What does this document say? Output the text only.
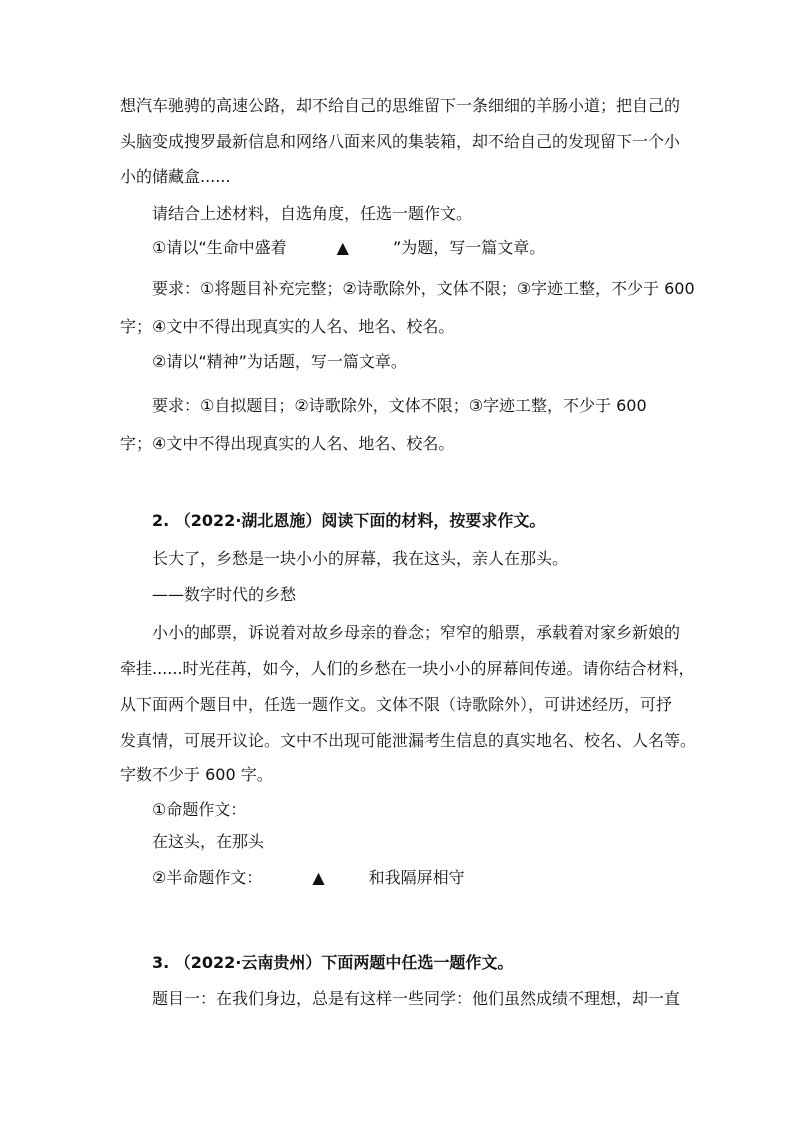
想汽车驰骋的高速公路，却不给自己的思维留下一条细细的羊肠小道；把自己的
头脑变成搜罗最新信息和网络八面来风的集装箱，却不给自己的发现留下一个小
小的储藏盒......
请结合上述材料，自选角度，任选一题作文。
①请以“生命中盛着	▲	”为题，写一篇文章。
要求：①将题目补充完整；②诗歌除外，文体不限；③字迹工整，不少于 600
字；④文中不得出现真实的人名、地名、校名。
②请以“精神”为话题，写一篇文章。
要求：①自拟题目；②诗歌除外，文体不限；③字迹工整，不少于 600
字；④文中不得出现真实的人名、地名、校名。
2. （2022·湖北恩施）阅读下面的材料，按要求作文。
长大了，乡愁是一块小小的屏幕，我在这头，亲人在那头。
——数字时代的乡愁
小小的邮票，诉说着对故乡母亲的眷念；窄窄的船票，承载着对家乡新娘的
牵挂......时光荏苒，如今，人们的乡愁在一块小小的屏幕间传递。请你结合材料，
从下面两个题目中，任选一题作文。文体不限（诗歌除外），可讲述经历，可抒
发真情，可展开议论。文中不出现可能泄漏考生信息的真实地名、校名、人名等。
字数不少于 600 字。
①命题作文：
在这头，在那头
②半命题作文：	▲	和我隔屏相守
3. （2022·云南贵州）下面两题中任选一题作文。
题目一：在我们身边，总是有这样一些同学：他们虽然成绩不理想，却一直
